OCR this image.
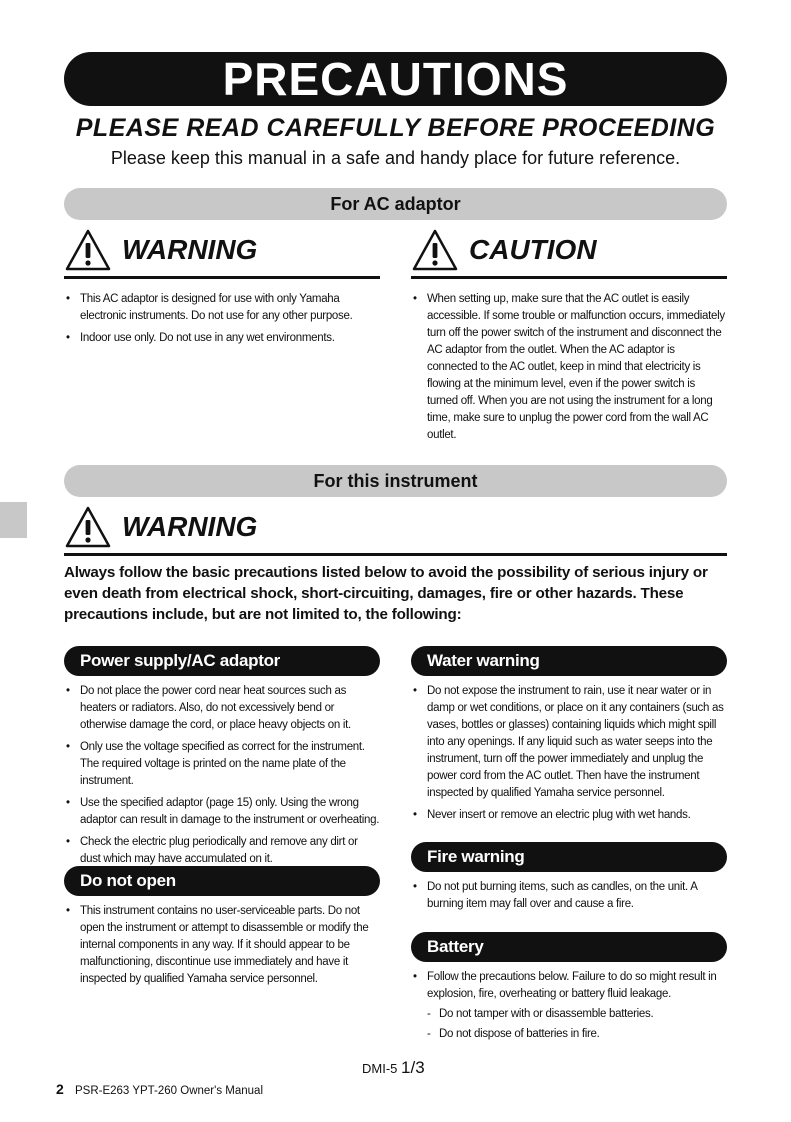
PRECAUTIONS
PLEASE READ CAREFULLY BEFORE PROCEEDING
Please keep this manual in a safe and handy place for future reference.
For AC adaptor
WARNING
• This AC adaptor is designed for use with only Yamaha electronic instruments. Do not use for any other purpose.
• Indoor use only. Do not use in any wet environments.
CAUTION
• When setting up, make sure that the AC outlet is easily accessible. If some trouble or malfunction occurs, immediately turn off the power switch of the instrument and disconnect the AC adaptor from the outlet. When the AC adaptor is connected to the AC outlet, keep in mind that electricity is flowing at the minimum level, even if the power switch is turned off. When you are not using the instrument for a long time, make sure to unplug the power cord from the wall AC outlet.
For this instrument
WARNING
Always follow the basic precautions listed below to avoid the possibility of serious injury or even death from electrical shock, short-circuiting, damages, fire or other hazards. These precautions include, but are not limited to, the following:
Power supply/AC adaptor
• Do not place the power cord near heat sources such as heaters or radiators. Also, do not excessively bend or otherwise damage the cord, or place heavy objects on it.
• Only use the voltage specified as correct for the instrument. The required voltage is printed on the name plate of the instrument.
• Use the specified adaptor (page 15) only. Using the wrong adaptor can result in damage to the instrument or overheating.
• Check the electric plug periodically and remove any dirt or dust which may have accumulated on it.
Do not open
• This instrument contains no user-serviceable parts. Do not open the instrument or attempt to disassemble or modify the internal components in any way. If it should appear to be malfunctioning, discontinue use immediately and have it inspected by qualified Yamaha service personnel.
Water warning
• Do not expose the instrument to rain, use it near water or in damp or wet conditions, or place on it any containers (such as vases, bottles or glasses) containing liquids which might spill into any openings. If any liquid such as water seeps into the instrument, turn off the power immediately and unplug the power cord from the AC outlet. Then have the instrument inspected by qualified Yamaha service personnel.
• Never insert or remove an electric plug with wet hands.
Fire warning
• Do not put burning items, such as candles, on the unit. A burning item may fall over and cause a fire.
Battery
• Follow the precautions below. Failure to do so might result in explosion, fire, overheating or battery fluid leakage.
- Do not tamper with or disassemble batteries.
- Do not dispose of batteries in fire.
DMI-5 1/3
2 PSR-E263 YPT-260 Owner's Manual
